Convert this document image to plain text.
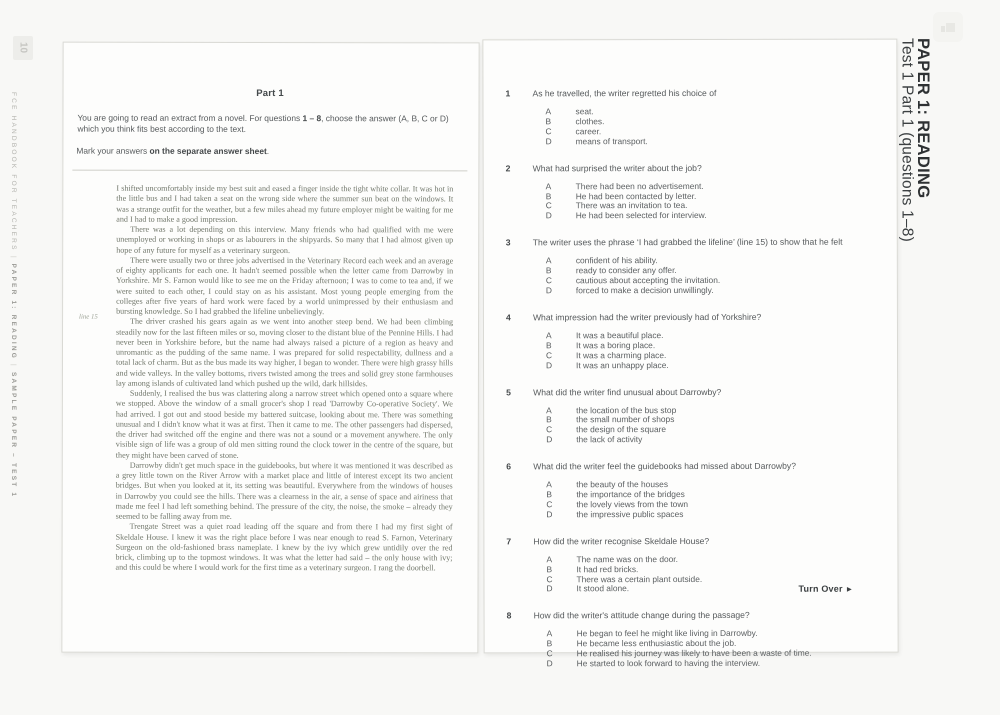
10
FCE HANDBOOK FOR TEACHERS | PAPER 1: READING | SAMPLE PAPER – TEST 1
Part 1

You are going to read an extract from a novel. For questions 1 – 8, choose the answer (A, B, C or D) which you think fits best according to the text.

Mark your answers on the separate answer sheet.

line 15

I shifted uncomfortably inside my best suit and eased a finger inside the tight white collar. It was hot in the little bus and I had taken a seat on the wrong side where the summer sun beat on the windows. It was a strange outfit for the weather, but a few miles ahead my future employer might be waiting for me and I had to make a good impression.

There was a lot depending on this interview. Many friends who had qualified with me were unemployed or working in shops or as labourers in the shipyards. So many that I had almost given up hope of any future for myself as a veterinary surgeon.

There were usually two or three jobs advertised in the Veterinary Record each week and an average of eighty applicants for each one. It hadn't seemed possible when the letter came from Darrowby in Yorkshire. Mr S. Farnon would like to see me on the Friday afternoon; I was to come to tea and, if we were suited to each other, I could stay on as his assistant. Most young people emerging from the colleges after five years of hard work were faced by a world unimpressed by their enthusiasm and bursting knowledge. So I had grabbed the lifeline unbelievingly.

The driver crashed his gears again as we went into another steep bend. We had been climbing steadily now for the last fifteen miles or so, moving closer to the distant blue of the Pennine Hills. I had never been in Yorkshire before, but the name had always raised a picture of a region as heavy and unromantic as the pudding of the same name. I was prepared for solid respectability, dullness and a total lack of charm. But as the bus made its way higher, I began to wonder. There were high grassy hills and wide valleys. In the valley bottoms, rivers twisted among the trees and solid grey stone farmhouses lay among islands of cultivated land which pushed up the wild, dark hillsides.

Suddenly, I realised the bus was clattering along a narrow street which opened onto a square where we stopped. Above the window of a small grocer's shop I read 'Darrowby Co-operative Society'. We had arrived. I got out and stood beside my battered suitcase, looking about me. There was something unusual and I didn't know what it was at first. Then it came to me. The other passengers had dispersed, the driver had switched off the engine and there was not a sound or a movement anywhere. The only visible sign of life was a group of old men sitting round the clock tower in the centre of the square, but they might have been carved of stone.

Darrowby didn't get much space in the guidebooks, but where it was mentioned it was described as a grey little town on the River Arrow with a market place and little of interest except its two ancient bridges. But when you looked at it, its setting was beautiful. Everywhere from the windows of houses in Darrowby you could see the hills. There was a clearness in the air, a sense of space and airiness that made me feel I had left something behind. The pressure of the city, the noise, the smoke – already they seemed to be falling away from me.

Trengate Street was a quiet road leading off the square and from there I had my first sight of Skeldale House. I knew it was the right place before I was near enough to read S. Farnon, Veterinary Surgeon on the old-fashioned brass nameplate. I knew by the ivy which grew untidily over the red brick, climbing up to the topmost windows. It was what the letter had said – the only house with ivy; and this could be where I would work for the first time as a veterinary surgeon. I rang the doorbell.

1	As he travelled, the writer regretted his choice of
A	seat.
B	clothes.
C	career.
D	means of transport.
2	What had surprised the writer about the job?
A	There had been no advertisement.
B	He had been contacted by letter.
C	There was an invitation to tea.
D	He had been selected for interview.
3	The writer uses the phrase ‘I had grabbed the lifeline’ (line 15) to show that he felt
A	confident of his ability.
B	ready to consider any offer.
C	cautious about accepting the invitation.
D	forced to make a decision unwillingly.
4	What impression had the writer previously had of Yorkshire?
A	It was a beautiful place.
B	It was a boring place.
C	It was a charming place.
D	It was an unhappy place.
5	What did the writer find unusual about Darrowby?
A	the location of the bus stop
B	the small number of shops
C	the design of the square
D	the lack of activity
6	What did the writer feel the guidebooks had missed about Darrowby?
A	the beauty of the houses
B	the importance of the bridges
C	the lovely views from the town
D	the impressive public spaces
7	How did the writer recognise Skeldale House?
A	The name was on the door.
B	It had red bricks.
C	There was a certain plant outside.
D	It stood alone.
8	How did the writer's attitude change during the passage?
A	He began to feel he might like living in Darrowby.
B	He became less enthusiastic about the job.
C	He realised his journey was likely to have been a waste of time.
D	He started to look forward to having the interview.
Turn Over ►
PAPER 1: READING
Test 1 Part 1 (questions 1–8)
